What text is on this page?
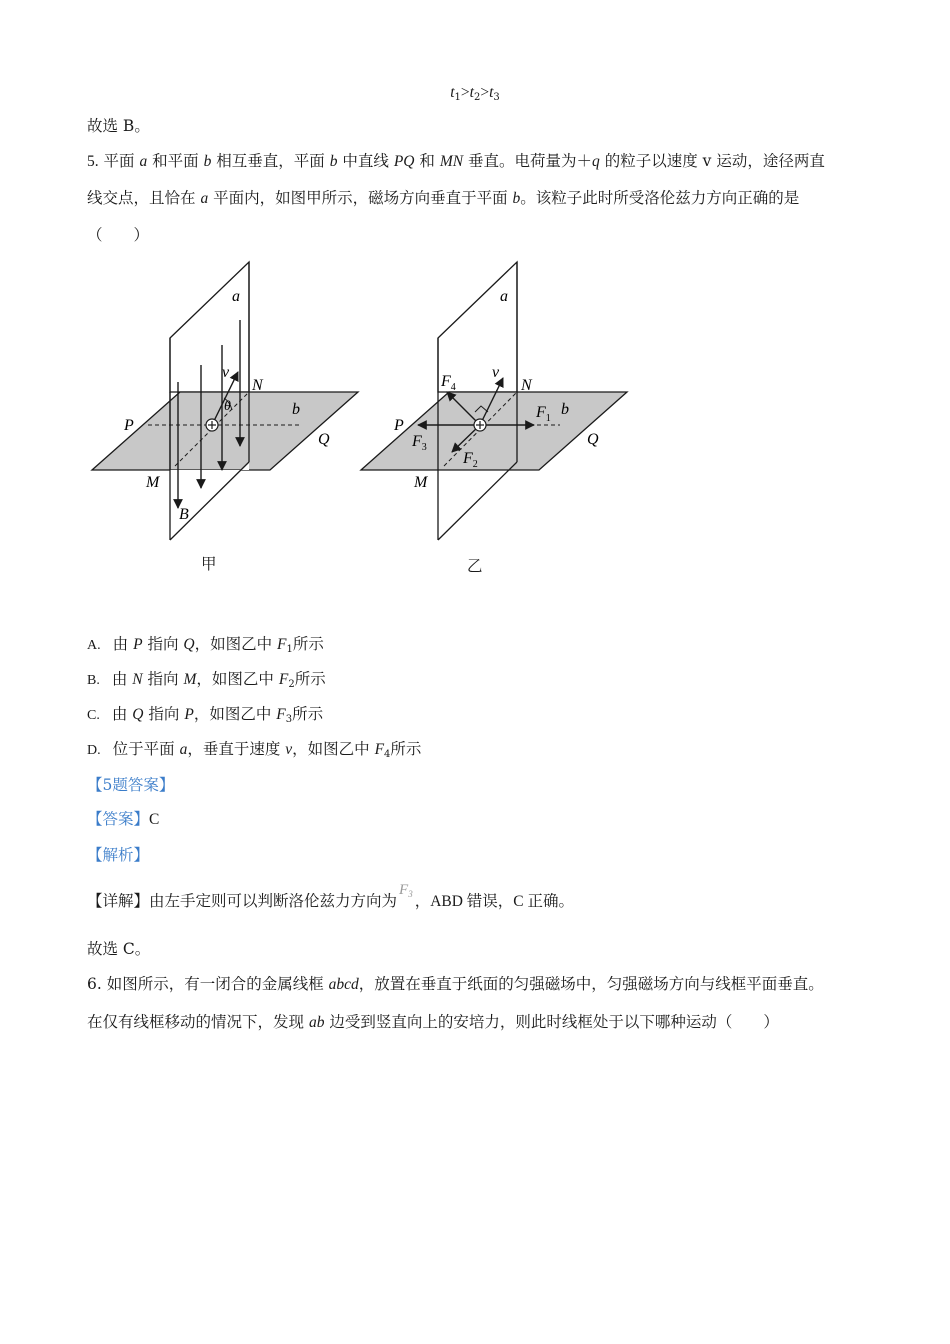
$t_1>t_2>t_3$
故选 B。
5. 平面 a 和平面 b 相互垂直，平面 b 中直线 PQ 和 MN 垂直。电荷量为＋q 的粒子以速度 v 运动，途径两直
线交点，且恰在 a 平面内，如图甲所示，磁场方向垂直于平面 b。该粒子此时所受洛伦兹力方向正确的是
（　　）
a
N
v
θ	b
P
Q
M
B
a
N
v
$F_4$
$F_1$
$F_3$
$F_2$
b
P
Q
M
甲	乙
A. 由 P 指向 Q，如图乙中 $F_1$所示
B. 由 N 指向 M，如图乙中 $F_2$所示
C. 由 Q 指向 P，如图乙中 $F_3$所示
D. 位于平面 a，垂直于速度 v，如图乙中 $F_4$所示
【5题答案】
【答案】C
【解析】
【详解】由左手定则可以判断洛伦兹力方向为$F_3$ ，ABD 错误，C 正确。
故选 C。
6. 如图所示，有一闭合的金属线框 abcd，放置在垂直于纸面的匀强磁场中，匀强磁场方向与线框平面垂直。
在仅有线框移动的情况下，发现 ab 边受到竖直向上的安培力，则此时线框处于以下哪种运动（　　）
